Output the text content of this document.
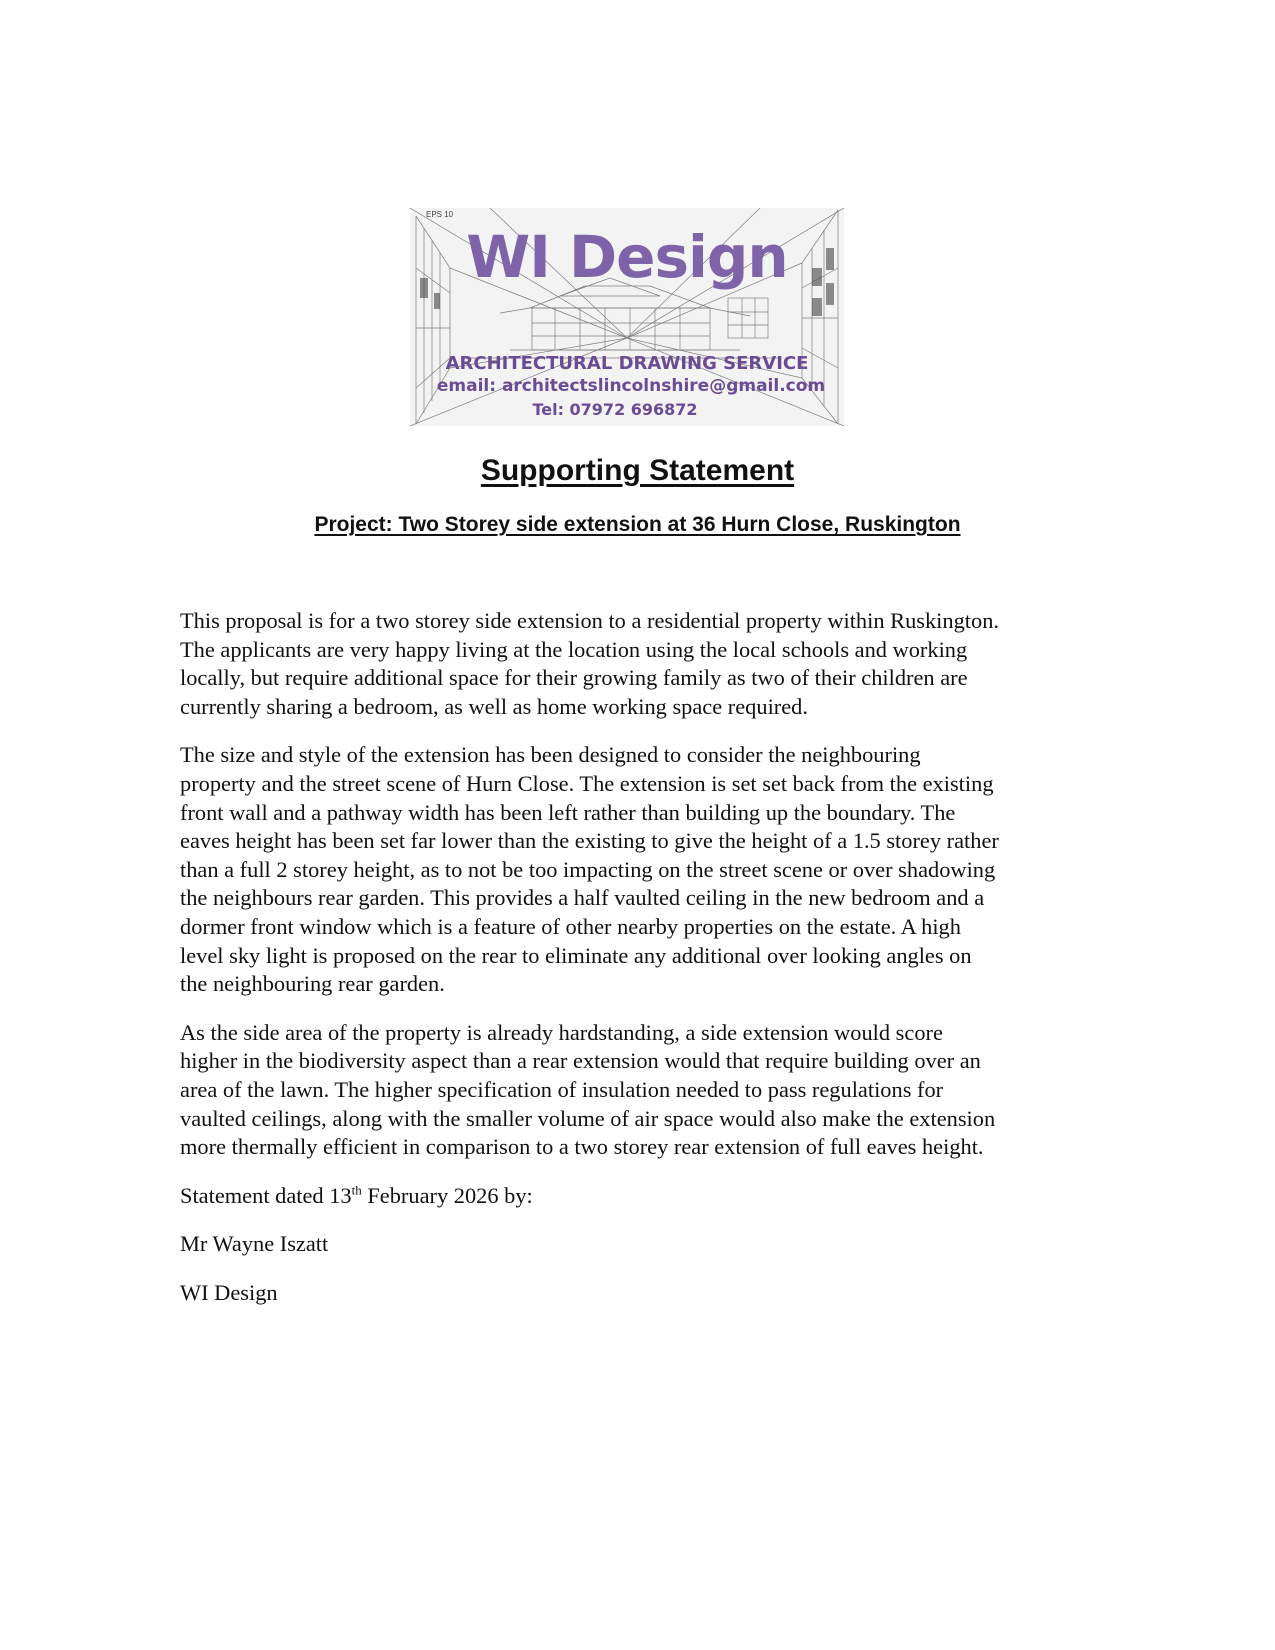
EPS 10
WI Design
ARCHITECTURAL DRAWING SERVICE
email: architectslincolnshire@gmail.com
Tel: 07972 696872
Supporting Statement
Project: Two Storey side extension at 36 Hurn Close, Ruskington

This proposal is for a two storey side extension to a residential property within Ruskington.
The applicants are very happy living at the location using the local schools and working
locally, but require additional space for their growing family as two of their children are
currently sharing a bedroom, as well as home working space required.

The size and style of the extension has been designed to consider the neighbouring
property and the street scene of Hurn Close. The extension is set set back from the existing
front wall and a pathway width has been left rather than building up the boundary. The
eaves height has been set far lower than the existing to give the height of a 1.5 storey rather
than a full 2 storey height, as to not be too impacting on the street scene or over shadowing
the neighbours rear garden. This provides a half vaulted ceiling in the new bedroom and a
dormer front window which is a feature of other nearby properties on the estate. A high
level sky light is proposed on the rear to eliminate any additional over looking angles on
the neighbouring rear garden.

As the side area of the property is already hardstanding, a side extension would score
higher in the biodiversity aspect than a rear extension would that require building over an
area of the lawn. The higher specification of insulation needed to pass regulations for
vaulted ceilings, along with the smaller volume of air space would also make the extension
more thermally efficient in comparison to a two storey rear extension of full eaves height.

Statement dated 13th February 2026 by:

Mr Wayne Iszatt

WI Design
